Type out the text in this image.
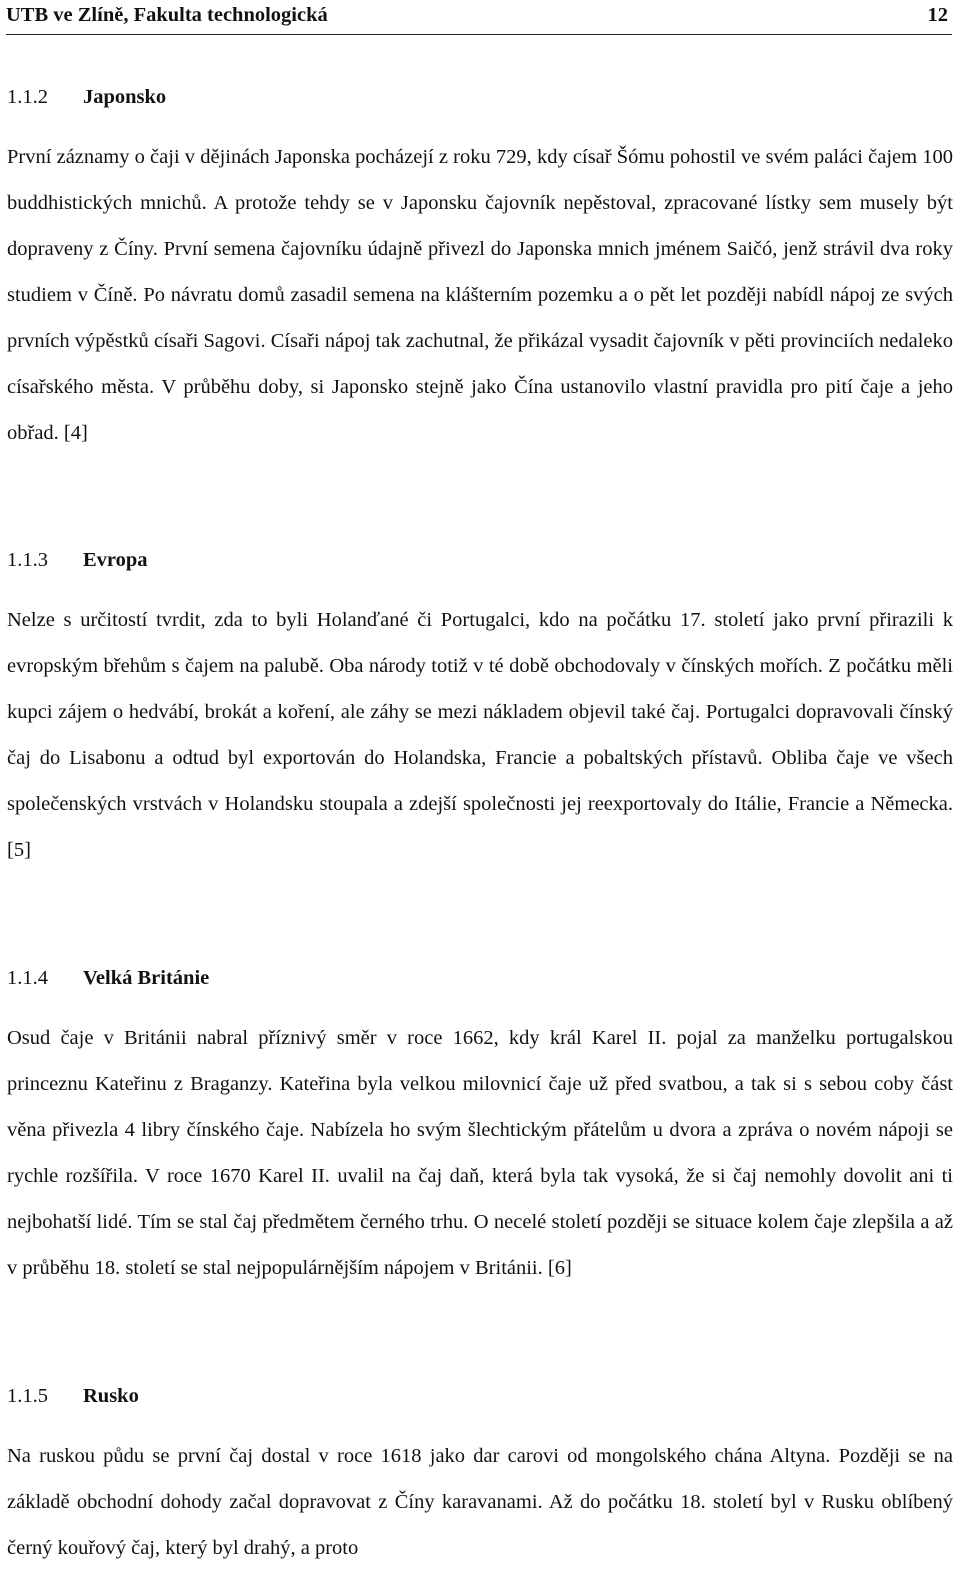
UTB ve Zlíně, Fakulta technologická	12
1.1.2 Japonsko

První záznamy o čaji v dějinách Japonska pocházejí z roku 729, kdy císař Šómu pohostil ve svém paláci čajem 100 buddhistických mnichů. A protože tehdy se v Japonsku čajovník nepěstoval, zpracované lístky sem musely být dopraveny z Číny. První semena čajovníku údajně přivezl do Japonska mnich jménem Saičó, jenž strávil dva roky studiem v Číně. Po návratu domů zasadil semena na klášterním pozemku a o pět let později nabídl nápoj ze svých prvních výpěstků císaři Sagovi. Císaři nápoj tak zachutnal, že přikázal vysadit čajovník v pěti provinciích nedaleko císařského města. V průběhu doby, si Japonsko stejně jako Čína ustanovilo vlastní pravidla pro pití čaje a jeho obřad. [4]

1.1.3 Evropa

Nelze s určitostí tvrdit, zda to byli Holanďané či Portugalci, kdo na počátku 17. století jako první přirazili k evropským břehům s čajem na palubě. Oba národy totiž v té době obchodovaly v čínských mořích. Z počátku měli kupci zájem o hedvábí, brokát a koření, ale záhy se mezi nákladem objevil také čaj. Portugalci dopravovali čínský čaj do Lisabonu a odtud byl exportován do Holandska, Francie a pobaltských přístavů. Obliba čaje ve všech společenských vrstvách v Holandsku stoupala a zdejší společnosti jej reexportovaly do Itálie, Francie a Německa. [5]

1.1.4 Velká Británie

Osud čaje v Británii nabral příznivý směr v roce 1662, kdy král Karel II. pojal za manželku portugalskou princeznu Kateřinu z Braganzy. Kateřina byla velkou milovnicí čaje už před svatbou, a tak si s sebou coby část věna přivezla 4 libry čínského čaje. Nabízela ho svým šlechtickým přátelům u dvora a zpráva o novém nápoji se rychle rozšířila. V roce 1670 Karel II. uvalil na čaj daň, která byla tak vysoká, že si čaj nemohly dovolit ani ti nejbohatší lidé. Tím se stal čaj předmětem černého trhu. O necelé století později se situace kolem čaje zlepšila a až v průběhu 18. století se stal nejpopulárnějším nápojem v Británii. [6]

1.1.5 Rusko

Na ruskou půdu se první čaj dostal v roce 1618 jako dar carovi od mongolského chána Altyna. Později se na základě obchodní dohody začal dopravovat z Číny karavanami. Až do počátku 18. století byl v Rusku oblíbený černý kouřový čaj, který byl drahý, a proto
